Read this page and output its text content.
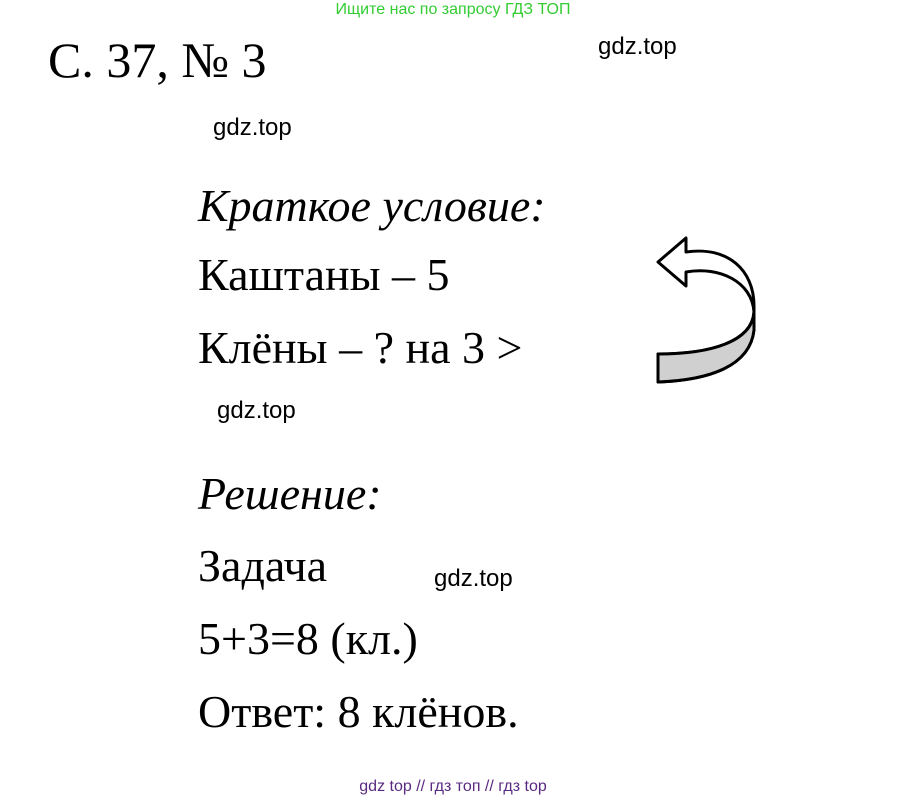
Ищите нас по запросу ГДЗ ТОП
С. 37, № 3	gdz.top
gdz.top
gdz.top
gdz.top
Краткое условие:
Каштаны – 5
Клёны – ? на 3 >
Решение:
Задача
5+3=8 (кл.)
Ответ: 8 клёнов.
gdz top // гдз топ // гдз top
